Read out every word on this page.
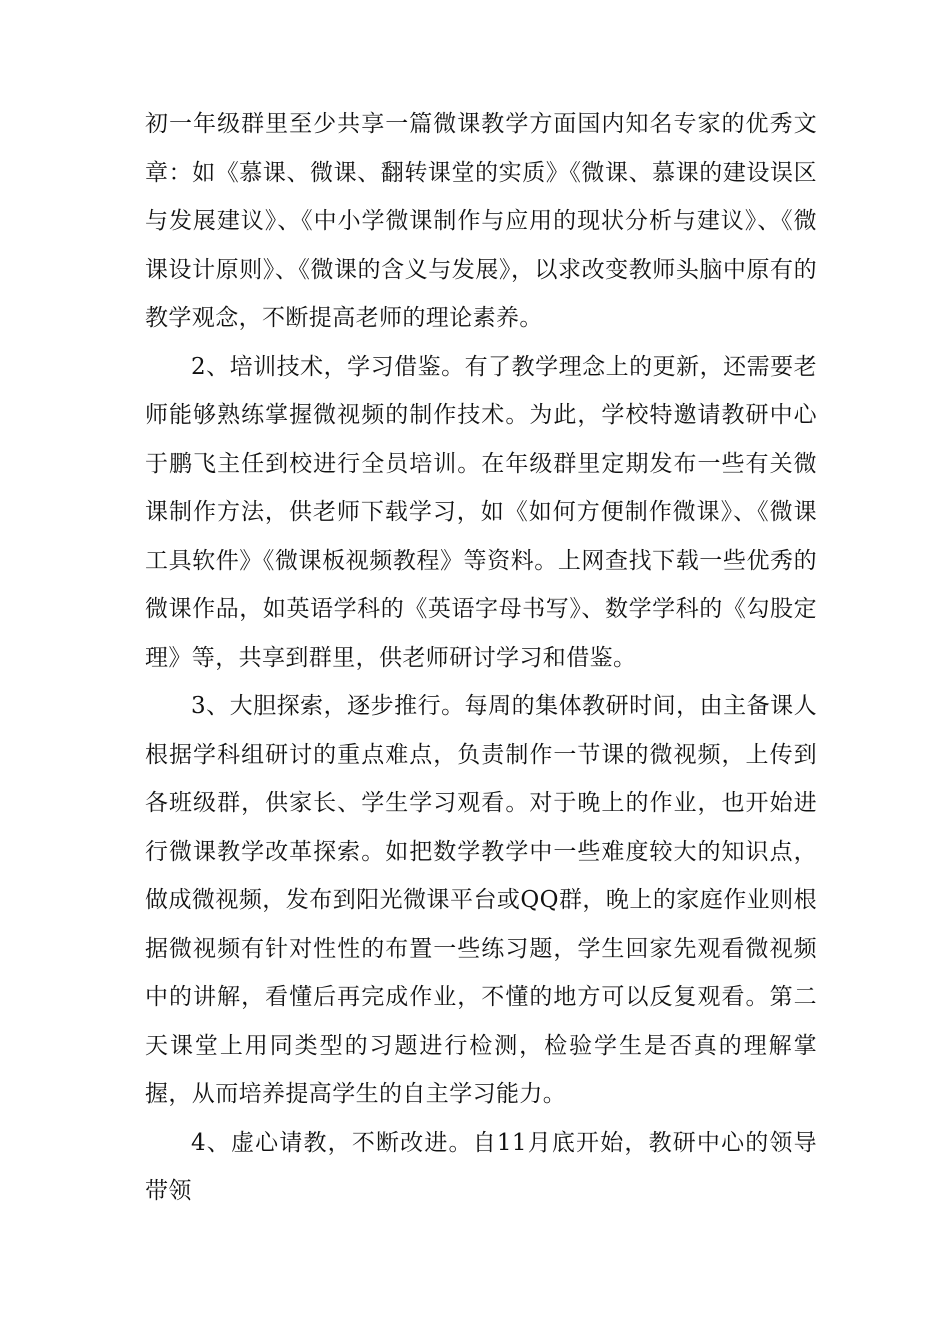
初一年级群里至少共享一篇微课教学方面国内知名专家的优秀文章：如《慕课、微课、翻转课堂的实质》《微课、慕课的建设误区与发展建议》、《中小学微课制作与应用的现状分析与建议》、《微课设计原则》、《微课的含义与发展》，以求改变教师头脑中原有的教学观念，不断提高老师的理论素养。

2、培训技术，学习借鉴。有了教学理念上的更新，还需要老师能够熟练掌握微视频的制作技术。为此，学校特邀请教研中心于鹏飞主任到校进行全员培训。在年级群里定期发布一些有关微课制作方法，供老师下载学习，如《如何方便制作微课》、《微课工具软件》《微课板视频教程》等资料。上网查找下载一些优秀的微课作品，如英语学科的《英语字母书写》、数学学科的《勾股定理》等，共享到群里，供老师研讨学习和借鉴。

3、大胆探索，逐步推行。每周的集体教研时间，由主备课人根据学科组研讨的重点难点，负责制作一节课的微视频，上传到各班级群，供家长、学生学习观看。对于晚上的作业，也开始进行微课教学改革探索。如把数学教学中一些难度较大的知识点，做成微视频，发布到阳光微课平台或QQ群，晚上的家庭作业则根据微视频有针对性性的布置一些练习题，学生回家先观看微视频中的讲解，看懂后再完成作业，不懂的地方可以反复观看。第二天课堂上用同类型的习题进行检测，检验学生是否真的理解掌握，从而培养提高学生的自主学习能力。

4、虚心请教，不断改进。自11月底开始，教研中心的领导带领
